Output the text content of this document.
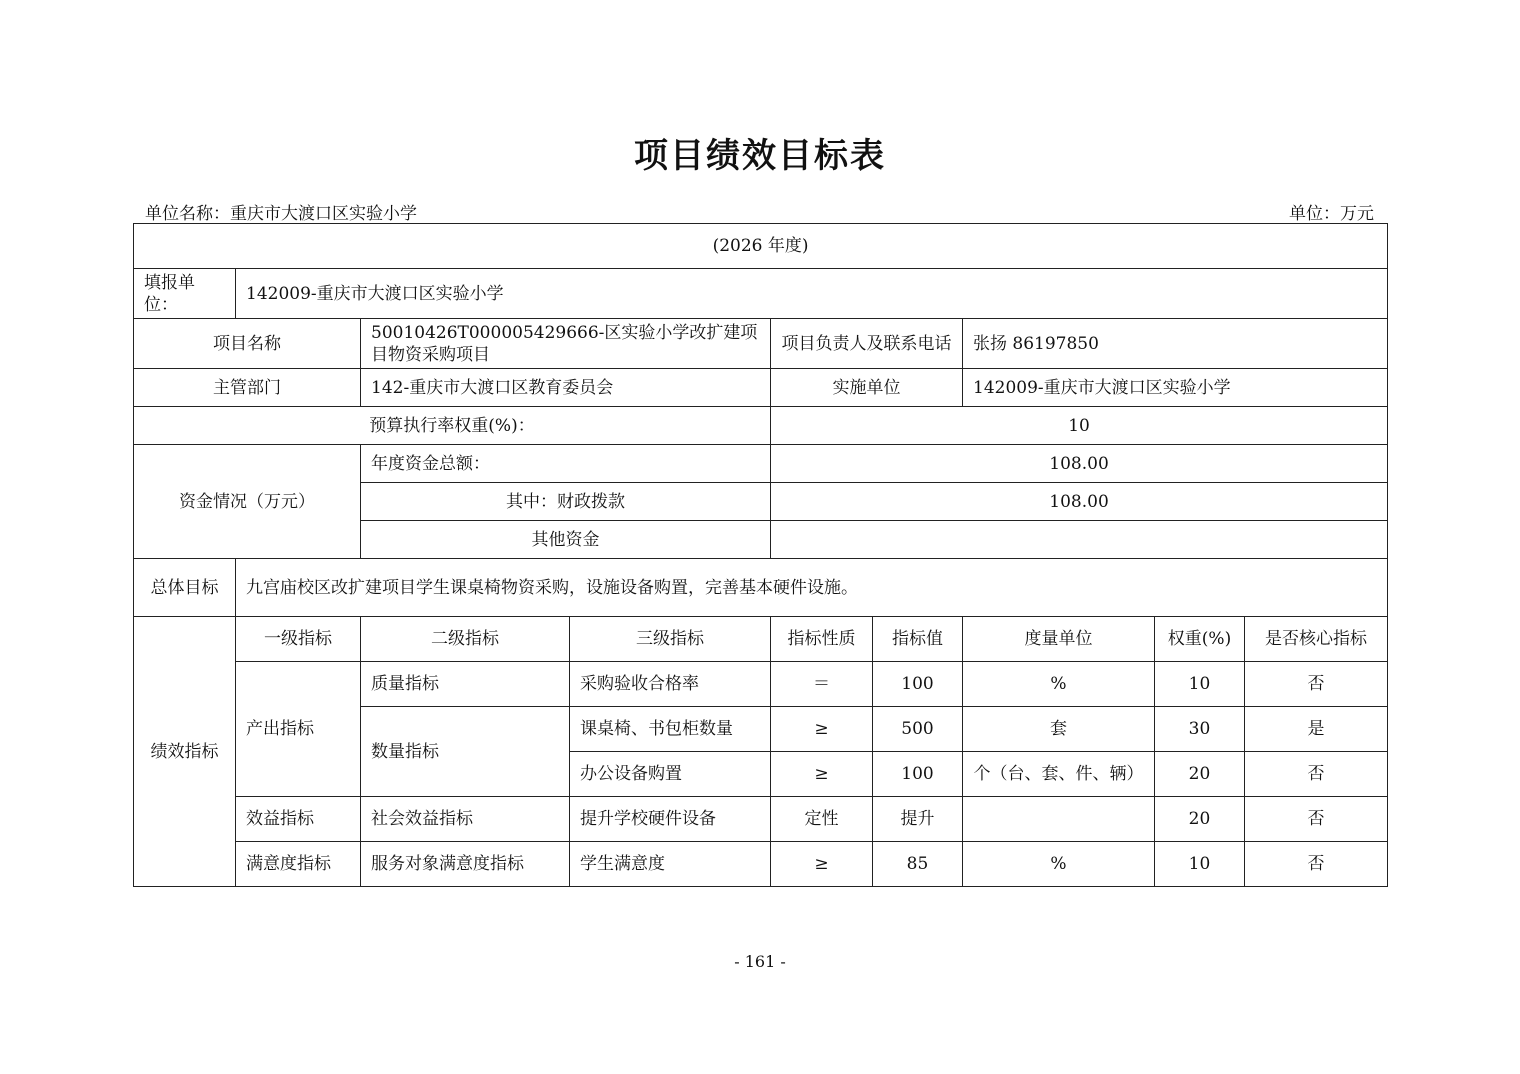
项目绩效目标表
单位名称：重庆市大渡口区实验小学	单位：万元
(2026 年度)								
填报单位：	142009-重庆市大渡口区实验小学							
项目名称		50010426T000005429666-区实验小学改扩建项目物资采购项目		项目负责人及联系电话		张扬 86197850		
主管部门		142-重庆市大渡口区教育委员会		实施单位		142009-重庆市大渡口区实验小学		
预算执行率权重(%)：				10				
资金情况（万元）		年度资金总额：		108.00				
		其中：财政拨款		108.00				
		其他资金						
总体目标	九宫庙校区改扩建项目学生课桌椅物资采购，设施设备购置，完善基本硬件设施。							
绩效指标	一级指标	二级指标	三级指标	指标性质	指标值	度量单位	权重(%)	是否核心指标
	产出指标	质量指标	采购验收合格率	＝	100	%	10	否
		数量指标	课桌椅、书包柜数量	≥	500	套	30	是
			办公设备购置	≥	100	个（台、套、件、辆）	20	否
	效益指标	社会效益指标	提升学校硬件设备	定性	提升		20	否
	满意度指标	服务对象满意度指标	学生满意度	≥	85	%	10	否
- 161 -
